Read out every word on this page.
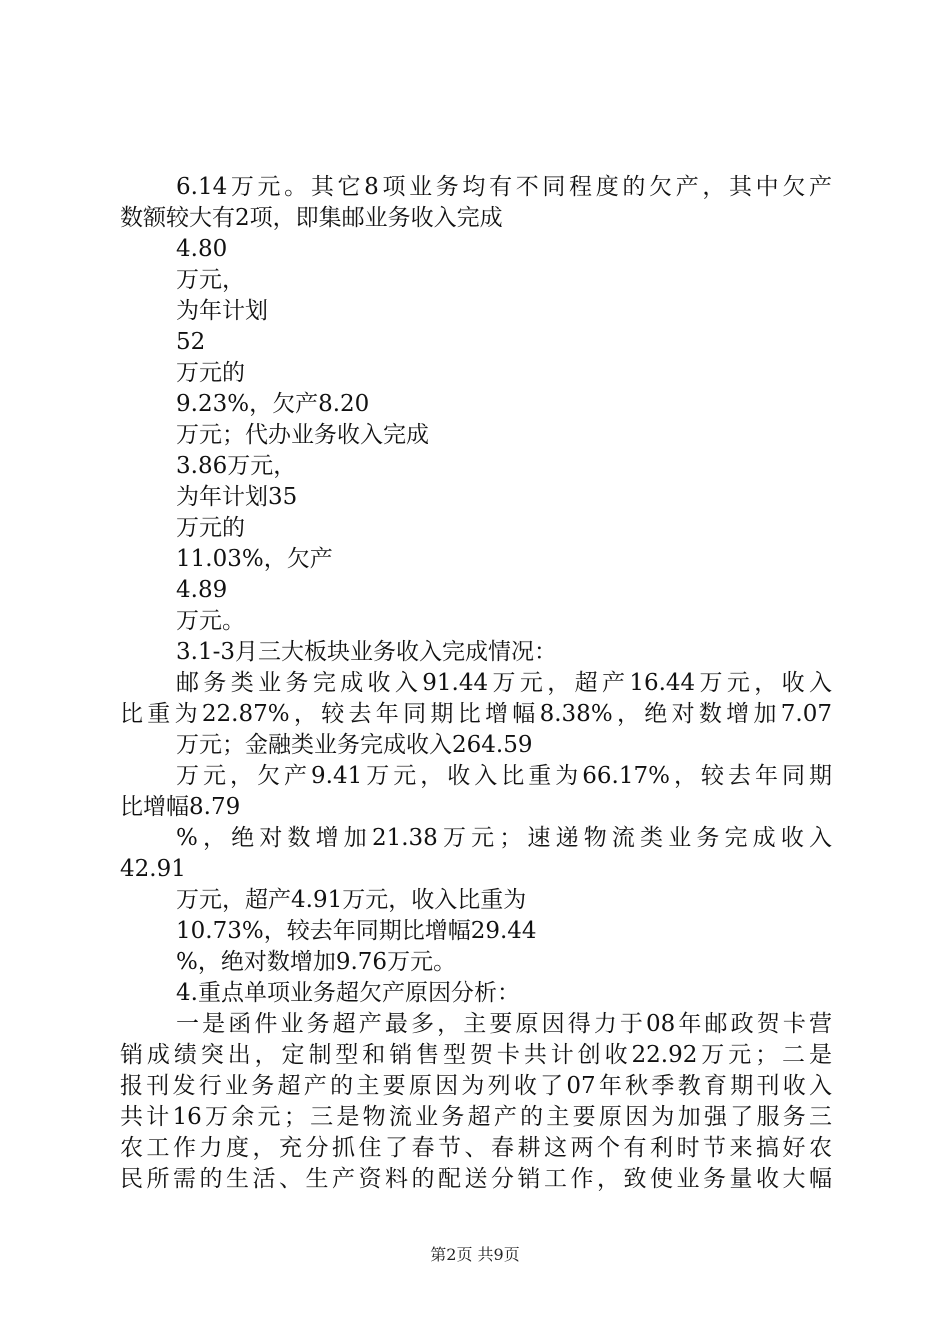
6.14万元。其它8项业务均有不同程度的欠产，其中欠产
数额较大有2项，即集邮业务收入完成
4.80
万元，
为年计划
52
万元的
9.23%，欠产8.20
万元；代办业务收入完成
3.86万元，
为年计划35
万元的
11.03%，欠产
4.89
万元。
3.1-3月三大板块业务收入完成情况：
邮务类业务完成收入91.44万元，超产16.44万元，收入
比重为22.87%，较去年同期比增幅8.38%，绝对数增加7.07
万元；金融类业务完成收入264.59
万元，欠产9.41万元，收入比重为66.17%，较去年同期
比增幅8.79
%，绝对数增加21.38万元；速递物流类业务完成收入
42.91
万元，超产4.91万元，收入比重为
10.73%，较去年同期比增幅29.44
%，绝对数增加9.76万元。
4.重点单项业务超欠产原因分析：
一是函件业务超产最多，主要原因得力于08年邮政贺卡营
销成绩突出，定制型和销售型贺卡共计创收22.92万元；二是
报刊发行业务超产的主要原因为列收了07年秋季教育期刊收入
共计16万余元；三是物流业务超产的主要原因为加强了服务三
农工作力度，充分抓住了春节、春耕这两个有利时节来搞好农
民所需的生活、生产资料的配送分销工作，致使业务量收大幅
第2页 共9页
